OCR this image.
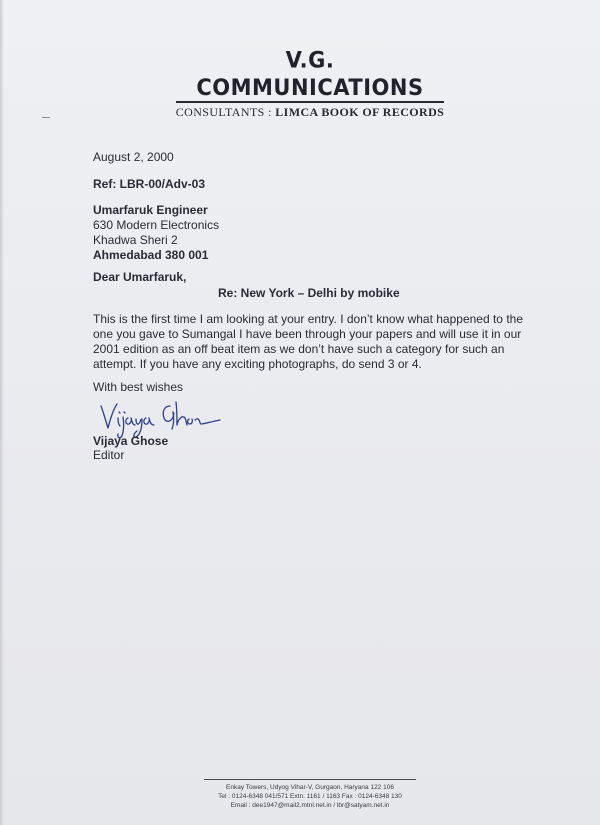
V.G. COMMUNICATIONS
CONSULTANTS : LIMCA BOOK OF RECORDS
August 2, 2000
Ref: LBR-00/Adv-03
Umarfaruk Engineer
630 Modern Electronics
Khadwa Sheri 2
Ahmedabad 380 001
Dear Umarfaruk,
Re: New York – Delhi by mobike
This is the first time I am looking at your entry. I don’t know what happened to the
one you gave to Sumangal I have been through your papers and will use it in our
2001 edition as an off beat item as we don’t have such a category for such an
attempt. If you have any exciting photographs, do send 3 or 4.
With best wishes
Vijaya Ghose
Editor
Enkay Towers, Udyog Vihar-V, Gurgaon, Haryana 122 106
Tel : 0124-6348 041/571 Extn. 1161 / 1163 Fax : 0124-6348 130
Email : dee1947@mail2.mtnl.net.in / lbr@satyam.net.in
